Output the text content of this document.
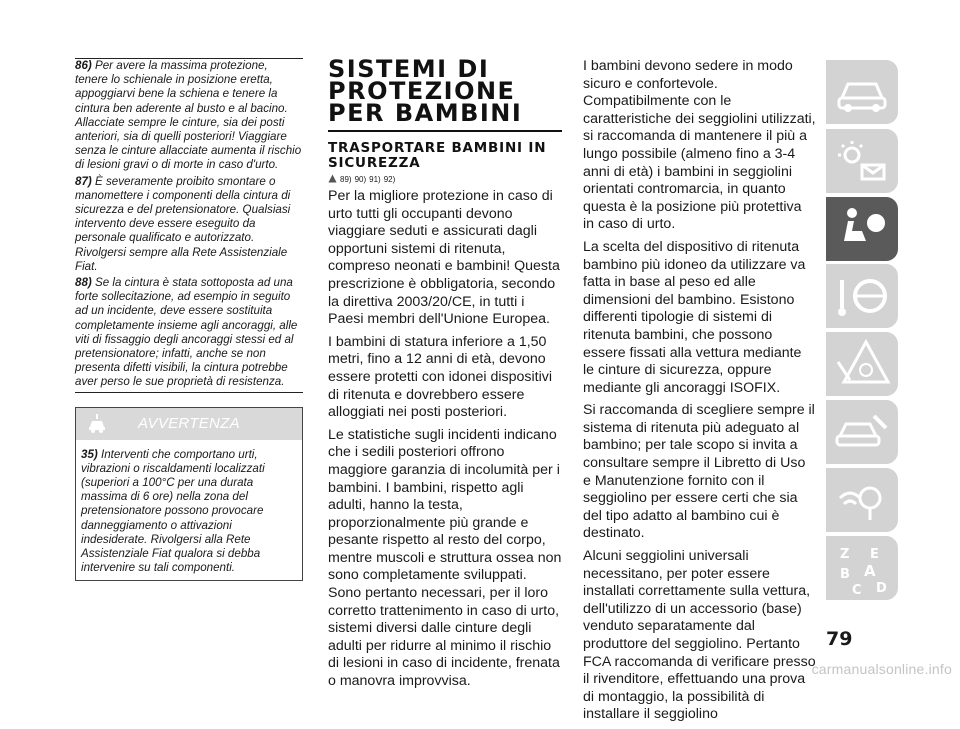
86) Per avere la massima protezione, tenere lo schienale in posizione eretta, appoggiarvi bene la schiena e tenere la cintura ben aderente al busto e al bacino. Allacciate sempre le cinture, sia dei posti anteriori, sia di quelli posteriori! Viaggiare senza le cinture allacciate aumenta il rischio di lesioni gravi o di morte in caso d'urto.

87) È severamente proibito smontare o manomettere i componenti della cintura di sicurezza e del pretensionatore. Qualsiasi intervento deve essere eseguito da personale qualificato e autorizzato. Rivolgersi sempre alla Rete Assistenziale Fiat.

88) Se la cintura è stata sottoposta ad una forte sollecitazione, ad esempio in seguito ad un incidente, deve essere sostituita completamente insieme agli ancoraggi, alle viti di fissaggio degli ancoraggi stessi ed al pretensionatore; infatti, anche se non presenta difetti visibili, la cintura potrebbe aver perso le sue proprietà di resistenza.

AVVERTENZA
35) Interventi che comportano urti, vibrazioni o riscaldamenti localizzati (superiori a 100°C per una durata massima di 6 ore) nella zona del pretensionatore possono provocare danneggiamento o attivazioni indesiderate. Rivolgersi alla Rete Assistenziale Fiat qualora si debba intervenire su tali componenti.
SISTEMI DI PROTEZIONE PER BAMBINI
TRASPORTARE BAMBINI IN SICUREZZA
89) 90) 91) 92)

Per la migliore protezione in caso di urto tutti gli occupanti devono viaggiare seduti e assicurati dagli opportuni sistemi di ritenuta, compreso neonati e bambini! Questa prescrizione è obbligatoria, secondo la direttiva 2003/20/CE, in tutti i Paesi membri dell'Unione Europea.

I bambini di statura inferiore a 1,50 metri, fino a 12 anni di età, devono essere protetti con idonei dispositivi di ritenuta e dovrebbero essere alloggiati nei posti posteriori.

Le statistiche sugli incidenti indicano che i sedili posteriori offrono maggiore garanzia di incolumità per i bambini. I bambini, rispetto agli adulti, hanno la testa, proporzionalmente più grande e pesante rispetto al resto del corpo, mentre muscoli e struttura ossea non sono completamente sviluppati. Sono pertanto necessari, per il loro corretto trattenimento in caso di urto, sistemi diversi dalle cinture degli adulti per ridurre al minimo il rischio di lesioni in caso di incidente, frenata o manovra improvvisa.

I bambini devono sedere in modo sicuro e confortevole. Compatibilmente con le caratteristiche dei seggiolini utilizzati, si raccomanda di mantenere il più a lungo possibile (almeno fino a 3-4 anni di età) i bambini in seggiolini orientati contromarcia, in quanto questa è la posizione più protettiva in caso di urto.

La scelta del dispositivo di ritenuta bambino più idoneo da utilizzare va fatta in base al peso ed alle dimensioni del bambino. Esistono differenti tipologie di sistemi di ritenuta bambini, che possono essere fissati alla vettura mediante le cinture di sicurezza, oppure mediante gli ancoraggi ISOFIX.

Si raccomanda di scegliere sempre il sistema di ritenuta più adeguato al bambino; per tale scopo si invita a consultare sempre il Libretto di Uso e Manutenzione fornito con il seggiolino per essere certi che sia del tipo adatto al bambino cui è destinato.

Alcuni seggiolini universali necessitano, per poter essere installati correttamente sulla vettura, dell'utilizzo di un accessorio (base) venduto separatamente dal produttore del seggiolino. Pertanto FCA raccomanda di verificare presso il rivenditore, effettuando una prova di montaggio, la possibilità di installare il seggiolino

Z E
B A
C D
79
carmanualsonline.info
